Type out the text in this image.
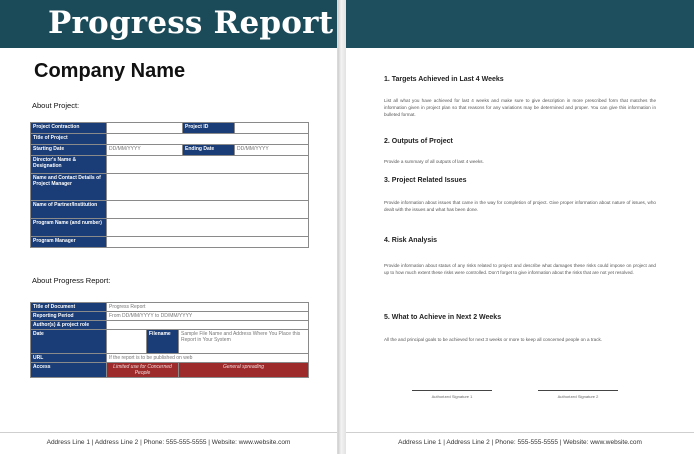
Progress Report
Company Name
About Project:
Project Contraction		Project ID	
Title of Project			
Starting Date	DD/MM/YYYY	Ending Date	DD/MM/YYYY
Director's Name & Designation			
Name and Contact Details of Project Manager			
Name of Partner/Institution			
Program Name (and number)			
Program Manager			
About Progress Report:
Title of Document	Progress Report		
Reporting Period	From DD/MM/YYYY to DD/MM/YYYY		
Author(s) & project role			
Date		Filename	Sample File Name and Address Where You Place this Report in Your System
URL	If the report is to be published on web		
Access	Limited use for Concerned People		General spreading
Address Line 1 | Address Line 2 | Phone: 555-555-5555 | Website: www.website.com
1. Targets Achieved in Last 4 Weeks
List all what you have achieved for last 4 weeks and make sure to give description in more prescribed form that matches the information given in project plan so that reasons for any variations may be determined and proper. You can give this information in bulleted format.
2. Outputs of Project
Provide a summary of all outputs of last 4 weeks.
3. Project Related Issues
Provide information about issues that came in the way for completion of project. Give proper information about nature of issues, who dealt with the issues and what has been done.
4. Risk Analysis
Provide information about status of any risks related to project and describe what damages these risks could impose on project and up to how much extent these risks were controlled. Don't forget to give information about the risks that are not yet resolved.
5. What to Achieve in Next 2 Weeks
All the and principal goals to be achieved for next 3 weeks or more to keep all concerned people on a track.
Authorized Signature 1	Authorized Signature 2
Address Line 1 | Address Line 2 | Phone: 555-555-5555 | Website: www.website.com
